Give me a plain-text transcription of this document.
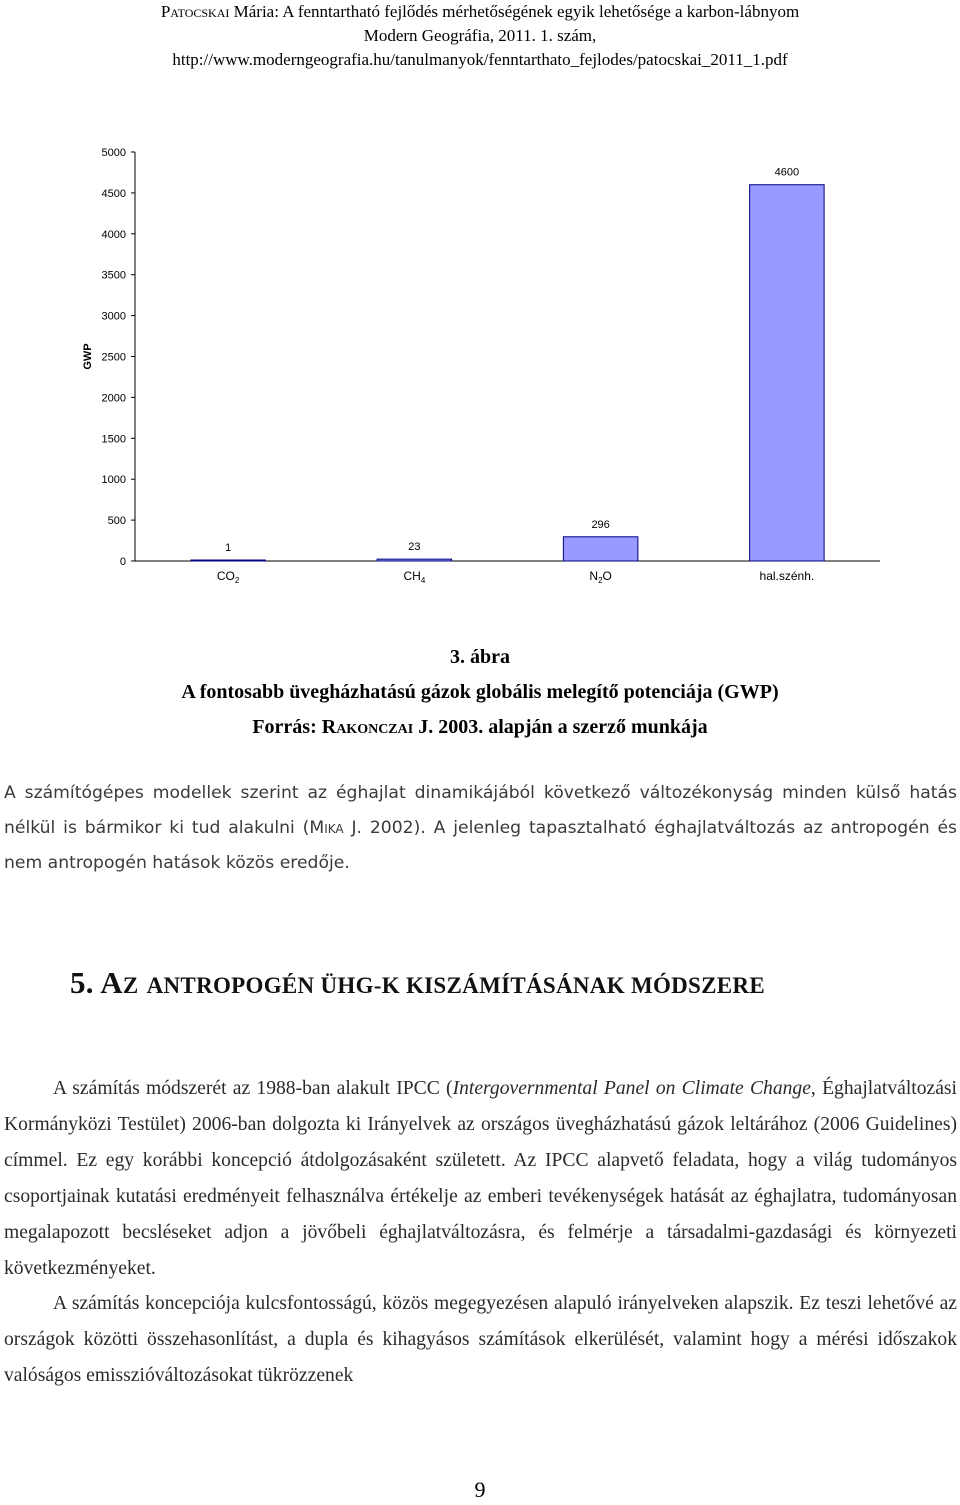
Patocskai Mária: A fenntartható fejlődés mérhetőségének egyik lehetősége a karbon-lábnyom
Modern Geográfia, 2011. 1. szám,
http://www.moderngeografia.hu/tanulmanyok/fenntarthato_fejlodes/patocskai_2011_1.pdf
0
500
1000
1500
2000
2500
3000
3500
4000
4500
5000
GWP
1
$CO_2$
23
$CH_4$
296
$N_2O$
4600
hal.szénh.
3. ábra
A fontosabb üvegházhatású gázok globális melegítő potenciája (GWP)
Forrás: Rakonczai J. 2003. alapján a szerző munkája
A számítógépes modellek szerint az éghajlat dinamikájából következő változékonyság minden külső hatás nélkül is bármikor ki tud alakulni (Mika J. 2002). A jelenleg tapasztalható éghajlatváltozás az antropogén és nem antropogén hatások közös eredője.
5. AZ ANTROPOGÉN ÜHG-K KISZÁMÍTÁSÁNAK MÓDSZERE

A számítás módszerét az 1988-ban alakult IPCC (Intergovernmental Panel on Climate Change, Éghajlatváltozási Kormányközi Testület) 2006-ban dolgozta ki Irányelvek az országos üvegházhatású gázok leltárához (2006 Guidelines) címmel. Ez egy korábbi koncepció átdolgozásaként született. Az IPCC alapvető feladata, hogy a világ tudományos csoportjainak kutatási eredményeit felhasználva értékelje az emberi tevékenységek hatását az éghajlatra, tudományosan megalapozott becsléseket adjon a jövőbeli éghajlatváltozásra, és felmérje a társadalmi-gazdasági és környezeti következményeket.

A számítás koncepciója kulcsfontosságú, közös megegyezésen alapuló irányelveken alapszik. Ez teszi lehetővé az országok közötti összehasonlítást, a dupla és kihagyásos számítások elkerülését, valamint hogy a mérési időszakok valóságos emisszióváltozásokat tükrözzenek

9
